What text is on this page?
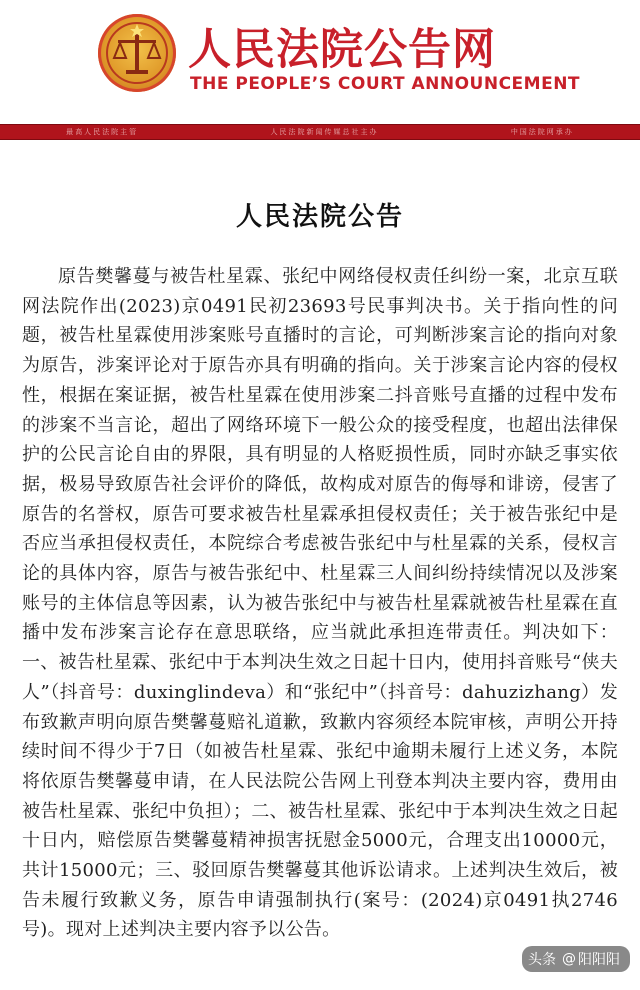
人民法院公告网
THE PEOPLE’S COURT ANNOUNCEMENT
最高人民法院主管	人民法院新闻传媒总社主办	中国法院网承办
人民法院公告
原告樊馨蔓与被告杜星霖、张纪中网络侵权责任纠纷一案，北京互联网法院作出(2023)京0491民初23693号民事判决书。关于指向性的问题，被告杜星霖使用涉案账号直播时的言论，可判断涉案言论的指向对象为原告，涉案评论对于原告亦具有明确的指向。关于涉案言论内容的侵权性，根据在案证据，被告杜星霖在使用涉案二抖音账号直播的过程中发布的涉案不当言论，超出了网络环境下一般公众的接受程度，也超出法律保护的公民言论自由的界限，具有明显的人格贬损性质，同时亦缺乏事实依据，极易导致原告社会评价的降低，故构成对原告的侮辱和诽谤，侵害了原告的名誉权，原告可要求被告杜星霖承担侵权责任；关于被告张纪中是否应当承担侵权责任，本院综合考虑被告张纪中与杜星霖的关系，侵权言论的具体内容，原告与被告张纪中、杜星霖三人间纠纷持续情况以及涉案账号的主体信息等因素，认为被告张纪中与被告杜星霖就被告杜星霖在直播中发布涉案言论存在意思联络，应当就此承担连带责任。判决如下：一、被告杜星霖、张纪中于本判决生效之日起十日内，使用抖音账号“侠夫人”（抖音号：duxinglindeva）和“张纪中”（抖音号：dahuzizhang）发布致歉声明向原告樊馨蔓赔礼道歉，致歉内容须经本院审核，声明公开持续时间不得少于7日（如被告杜星霖、张纪中逾期未履行上述义务，本院将依原告樊馨蔓申请，在人民法院公告网上刊登本判决主要内容，费用由被告杜星霖、张纪中负担）；二、被告杜星霖、张纪中于本判决生效之日起十日内，赔偿原告樊馨蔓精神损害抚慰金5000元，合理支出10000元，共计15000元；三、驳回原告樊馨蔓其他诉讼请求。上述判决生效后，被告未履行致歉义务，原告申请强制执行(案号：(2024)京0491执2746号)。现对上述判决主要内容予以公告。
头条 @ 阳阳阳
